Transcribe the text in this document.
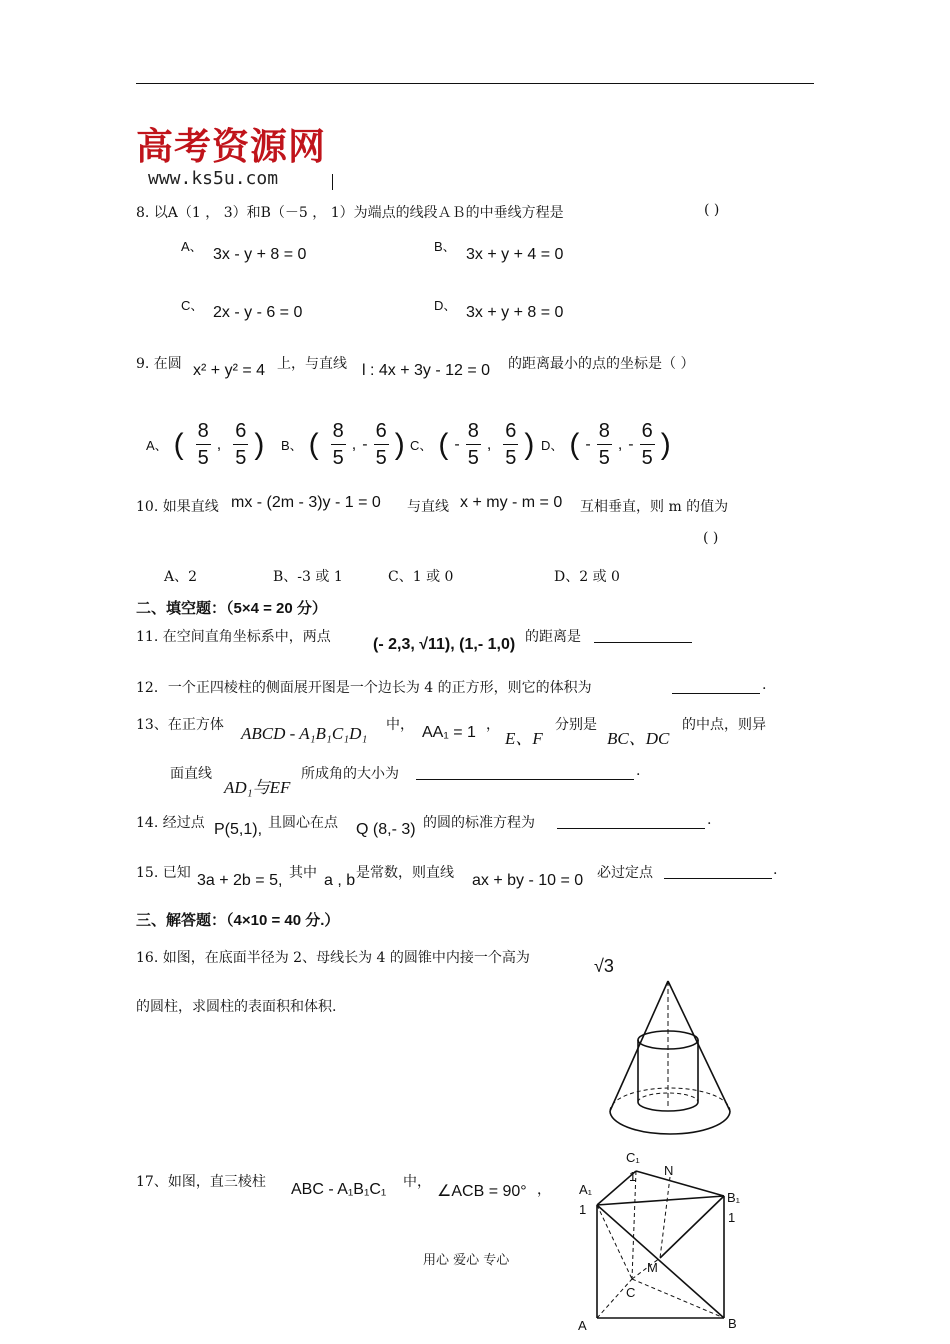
高考资源网
www.ks5u.com
8. 以A（1 ， 3）和B（－5 ， 1）为端点的线段ＡＢ的中垂线方程是	( )
A、 3x - y + 8 = 0	B、 3x + y + 4 = 0
C、 2x - y - 6 = 0	D、 3x + y + 8 = 0
9. 在圆 x² + y² = 4 上，与直线 l : 4x + 3y - 12 = 0 的距离最小的点的坐标是（ ）
A、 ( $\frac{8}{5}$ , $\frac{6}{5}$ ) B、 ( $\frac{8}{5}$ , - $\frac{6}{5}$ ) C、 ( - $\frac{8}{5}$ , $\frac{6}{5}$ ) D、 ( - $\frac{8}{5}$ , - $\frac{6}{5}$ )
10. 如果直线 mx - (2m - 3)y - 1 = 0 与直线 x + my - m = 0 互相垂直，则 m 的值为
( )
A、2	B、-3 或 1	C、1 或 0	D、2 或 0
二、填空题：（5×4 = 20 分）
11. 在空间直角坐标系中，两点	(- 2,3, √11), (1,- 1,0) 的距离是
12．一个正四棱柱的侧面展开图是一个边长为 4 的正方形，则它的体积为	.
13、在正方体 ABCD - A₁B₁C₁D₁ 中， AA₁ = 1 ，
E、F
分别是
BC、DC
的中点，则异
面直线
AD₁与EF
所成角的大小为	.
14. 经过点 P(5,1), 且圆心在点 Q (8,- 3) 的圆的标准方程为	.
15. 已知 3a + 2b = 5, 其中 a , b 是常数，则直线 ax + by - 10 = 0 必过定点	.
三、解答题：（4×10 = 40 分.）
16. 如图，在底面半径为 2、母线长为 4 的圆锥中内接一个高为	√3
的圆柱，求圆柱的表面积和体积.
17、如图，直三棱柱 ABC - A₁B₁C₁ 中，
∠ACB = 90° ，
C₁
1 N
A₁
1
B₁
1
M
C
A	B
用心 爱心 专心
